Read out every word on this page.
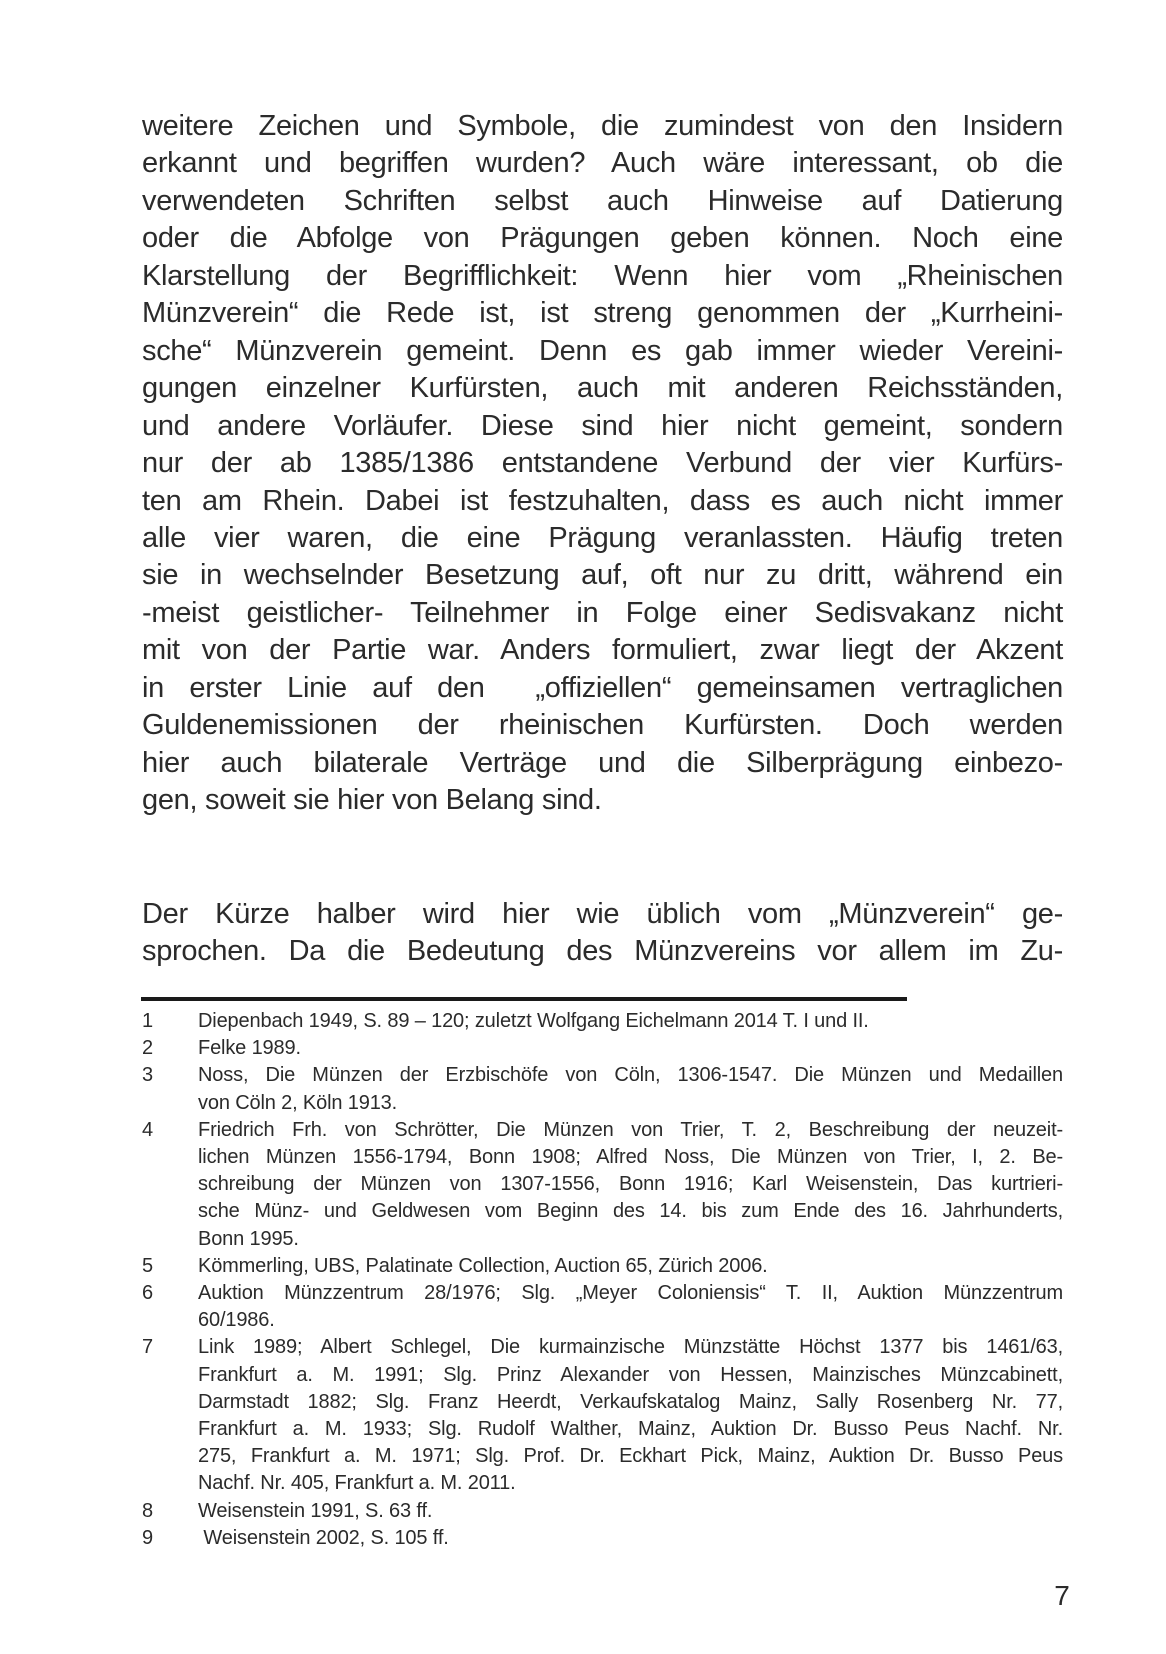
weitere Zeichen und Symbole, die zumindest von den Insidern
erkannt und begriffen wurden? Auch wäre interessant, ob die
verwendeten Schriften selbst auch Hinweise auf Datierung
oder die Abfolge von Prägungen geben können. Noch eine
Klarstellung der Begrifflichkeit: Wenn hier vom „Rheinischen
Münzverein“ die Rede ist, ist streng genommen der „Kurrheini-
sche“ Münzverein gemeint. Denn es gab immer wieder Vereini-
gungen einzelner Kurfürsten, auch mit anderen Reichsständen,
und andere Vorläufer. Diese sind hier nicht gemeint, sondern
nur der ab 1385/1386 entstandene Verbund der vier Kurfürs-
ten am Rhein. Dabei ist festzuhalten, dass es auch nicht immer
alle vier waren, die eine Prägung veranlassten. Häufig treten
sie in wechselnder Besetzung auf, oft nur zu dritt, während ein
-meist geistlicher- Teilnehmer in Folge einer Sedisvakanz nicht
mit von der Partie war. Anders formuliert, zwar liegt der Akzent
in erster Linie auf den  „offiziellen“ gemeinsamen vertraglichen
Guldenemissionen der rheinischen Kurfürsten. Doch werden
hier auch bilaterale Verträge und die Silberprägung einbezo-
gen, soweit sie hier von Belang sind.
Der Kürze halber wird hier wie üblich vom „Münzverein“ ge-
sprochen. Da die Bedeutung des Münzvereins vor allem im Zu-
1	Diepenbach 1949, S. 89 – 120; zuletzt Wolfgang Eichelmann 2014 T. I und II.
2	Felke 1989.
3	Noss, Die Münzen der Erzbischöfe von Cöln, 1306-1547. Die Münzen und Medaillen
von Cöln 2, Köln 1913.
4	Friedrich Frh. von Schrötter, Die Münzen von Trier, T. 2, Beschreibung der neuzeit-
lichen Münzen 1556-1794, Bonn 1908; Alfred Noss, Die Münzen von Trier, I, 2. Be-
schreibung der Münzen von 1307-1556, Bonn 1916; Karl Weisenstein, Das kurtrieri-
sche Münz- und Geldwesen vom Beginn des 14. bis zum Ende des 16. Jahrhunderts,
Bonn 1995.
5	Kömmerling, UBS, Palatinate Collection, Auction 65, Zürich 2006.
6	Auktion Münzzentrum 28/1976; Slg. „Meyer Coloniensis“ T. II, Auktion Münzzentrum
60/1986.
7	Link 1989; Albert Schlegel, Die kurmainzische Münzstätte Höchst 1377 bis 1461/63,
Frankfurt a. M. 1991; Slg. Prinz Alexander von Hessen, Mainzisches Münzcabinett,
Darmstadt 1882; Slg. Franz Heerdt, Verkaufskatalog Mainz, Sally Rosenberg Nr. 77,
Frankfurt a. M. 1933; Slg. Rudolf Walther, Mainz, Auktion Dr. Busso Peus Nachf. Nr.
275, Frankfurt a. M. 1971; Slg. Prof. Dr. Eckhart Pick, Mainz, Auktion Dr. Busso Peus
Nachf. Nr. 405, Frankfurt a. M. 2011.
8	Weisenstein 1991, S. 63 ff.
9	Weisenstein 2002, S. 105 ff.
7
